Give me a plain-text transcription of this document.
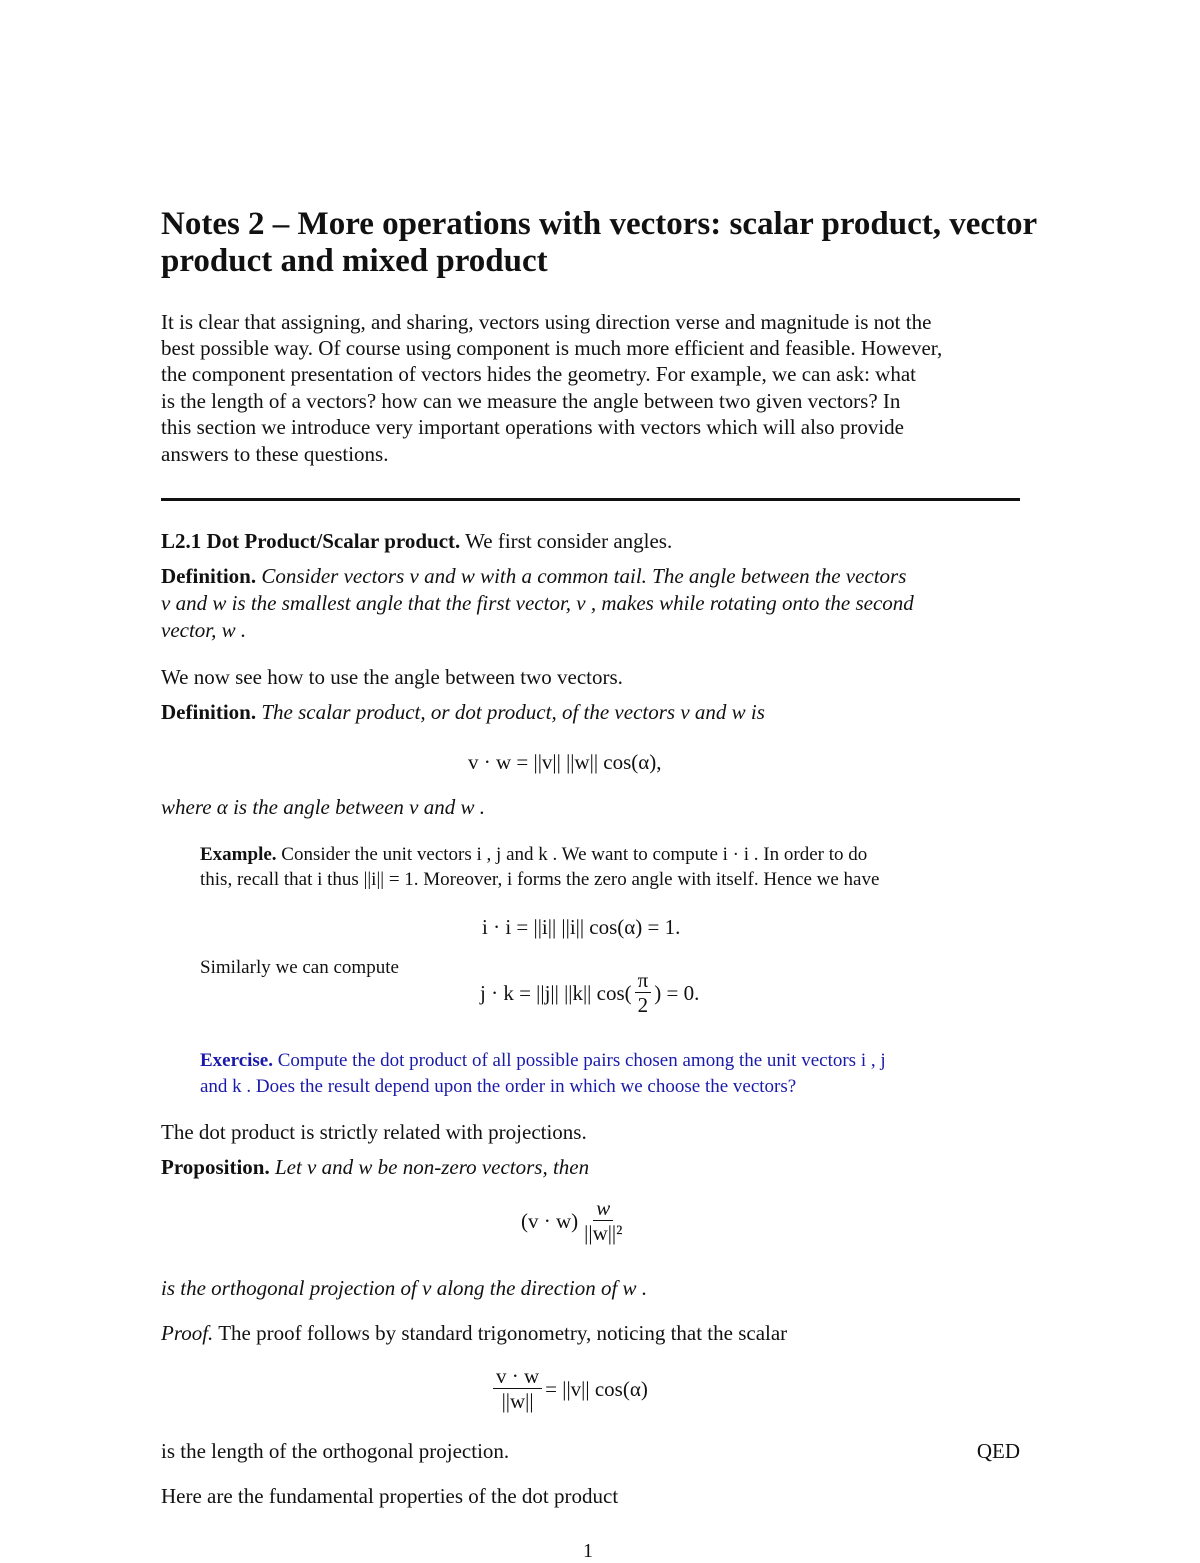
Notes 2 – More operations with vectors: scalar product, vector product and mixed product
It is clear that assigning, and sharing, vectors using direction verse and magnitude is not the
best possible way. Of course using component is much more efficient and feasible. However,
the component presentation of vectors hides the geometry. For example, we can ask: what
is the length of a vectors? how can we measure the angle between two given vectors? In
this section we introduce very important operations with vectors which will also provide
answers to these questions.
L2.1 Dot Product/Scalar product. We first consider angles.
Definition. Consider vectors v and w with a common tail. The angle between the vectors
v and w is the smallest angle that the first vector, v , makes while rotating onto the second
vector, w .
We now see how to use the angle between two vectors.
Definition. The scalar product, or dot product, of the vectors v and w is
v · w = ||v|| ||w|| cos(α),
where α is the angle between v and w .
Example. Consider the unit vectors i , j and k . We want to compute i · i . In order to do
this, recall that i thus ||i|| = 1. Moreover, i forms the zero angle with itself. Hence we have
i · i = ||i|| ||i|| cos(α) = 1.
Similarly we can compute
j · k = ||j|| ||k|| $\cos( \frac{\pi}{2}$ ) = 0.
Exercise. Compute the dot product of all possible pairs chosen among the unit vectors i , j
and k . Does the result depend upon the order in which we choose the vectors?
The dot product is strictly related with projections.
Proposition. Let v and w be non-zero vectors, then
$(v \cdot w) \frac{w}{\text{||w||²}}$
is the orthogonal projection of v along the direction of w .
Proof. The proof follows by standard trigonometry, noticing that the scalar
$\frac{v \cdot w}{||w||} = ||v||$ cos(α)
is the length of the orthogonal projection.	QED
Here are the fundamental properties of the dot product
1
